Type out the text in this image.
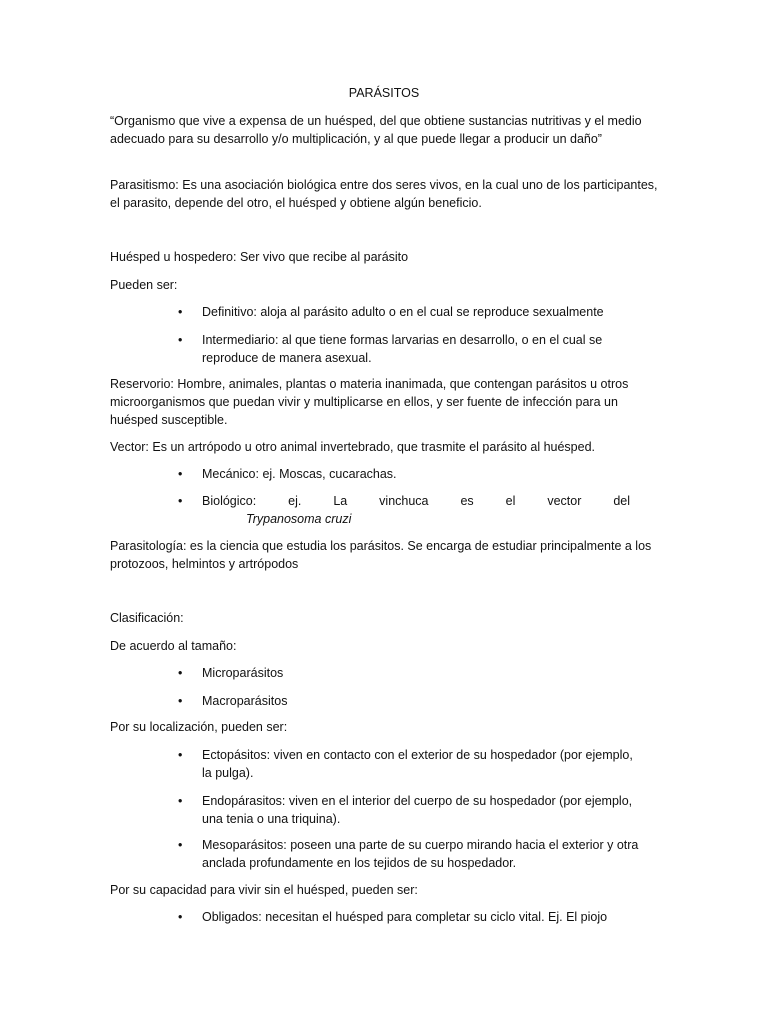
PARÁSITOS
“Organismo que vive a expensa de un huésped, del que obtiene sustancias nutritivas y el medio adecuado para su desarrollo y/o multiplicación, y al que puede llegar a producir un daño”
Parasitismo: Es una asociación biológica entre dos seres vivos, en la cual uno de los participantes, el parasito, depende del otro, el huésped y obtiene algún beneficio.
Huésped u hospedero: Ser vivo que recibe al parásito
Pueden ser:
• Definitivo: aloja al parásito adulto o en el cual se reproduce sexualmente
• Intermediario: al que tiene formas larvarias en desarrollo, o en el cual se
reproduce de manera asexual.
Reservorio: Hombre, animales, plantas o materia inanimada, que contengan parásitos u otros microorganismos que puedan vivir y multiplicarse en ellos, y ser fuente de infección para un huésped susceptible.
Vector: Es un artrópodo u otro animal invertebrado, que trasmite el parásito al huésped.
• Mecánico: ej. Moscas, cucarachas.
• Biológico:	ej.	La	vinchuca	es	el	vector	del
Trypanosoma cruzi
Parasitología: es la ciencia que estudia los parásitos. Se encarga de estudiar principalmente a los protozoos, helmintos y artrópodos
Clasificación:
De acuerdo al tamaño:
• Microparásitos
• Macroparásitos
Por su localización, pueden ser:
• Ectopásitos: viven en contacto con el exterior de su hospedador (por ejemplo,
la pulga).
• Endopárasitos: viven en el interior del cuerpo de su hospedador (por ejemplo,
una tenia o una triquina).
• Mesoparásitos: poseen una parte de su cuerpo mirando hacia el exterior y otra
anclada profundamente en los tejidos de su hospedador.
Por su capacidad para vivir sin el huésped, pueden ser:
• Obligados: necesitan el huésped para completar su ciclo vital. Ej. El piojo
